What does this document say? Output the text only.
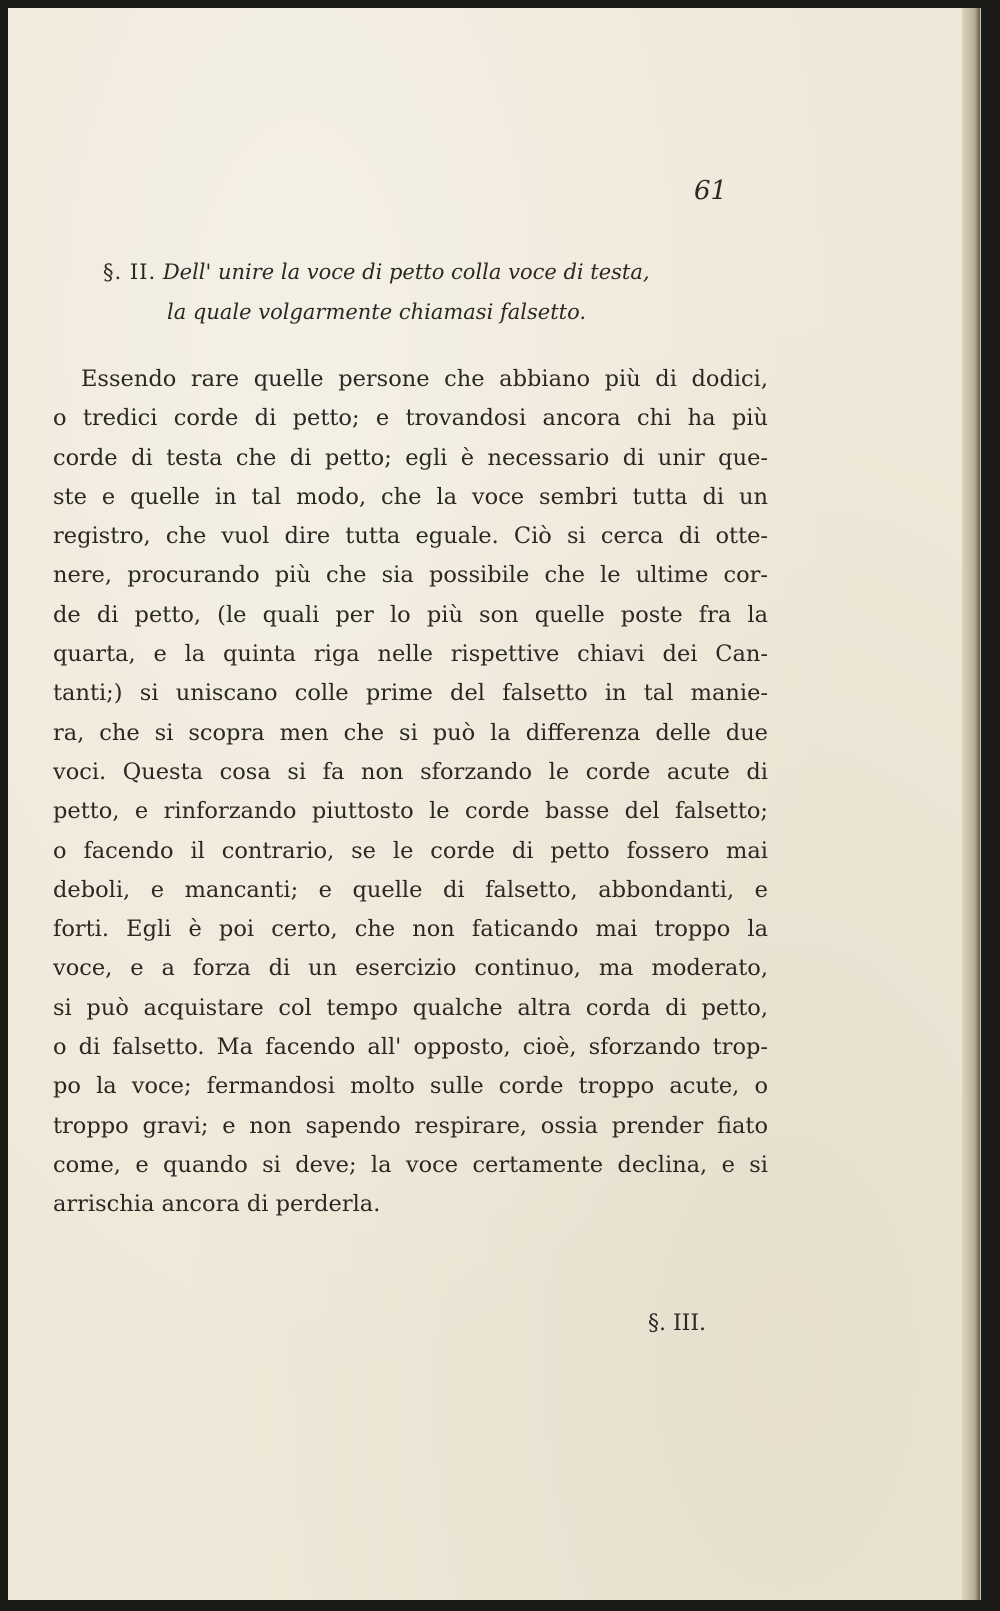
61
§. II. Dell' unire la voce di petto colla voce di testa,
la quale volgarmente chiamasi falsetto.
Essendo rare quelle persone che abbiano più di dodici,
o tredici corde di petto; e trovandosi ancora chi ha più
corde di testa che di petto; egli è necessario di unir que-
ste e quelle in tal modo, che la voce sembri tutta di un
registro, che vuol dire tutta eguale. Ciò si cerca di otte-
nere, procurando più che sia possibile che le ultime cor-
de di petto, (le quali per lo più son quelle poste fra la
quarta, e la quinta riga nelle rispettive chiavi dei Can-
tanti;) si uniscano colle prime del falsetto in tal manie-
ra, che si scopra men che si può la differenza delle due
voci. Questa cosa si fa non sforzando le corde acute di
petto, e rinforzando piuttosto le corde basse del falsetto;
o facendo il contrario, se le corde di petto fossero mai
deboli, e mancanti; e quelle di falsetto, abbondanti, e
forti. Egli è poi certo, che non faticando mai troppo la
voce, e a forza di un esercizio continuo, ma moderato,
si può acquistare col tempo qualche altra corda di petto,
o di falsetto. Ma facendo all' opposto, cioè, sforzando trop-
po la voce; fermandosi molto sulle corde troppo acute, o
troppo gravi; e non sapendo respirare, ossia prender fiato
come, e quando si deve; la voce certamente declina, e si
arrischia ancora di perderla.
§. III.
